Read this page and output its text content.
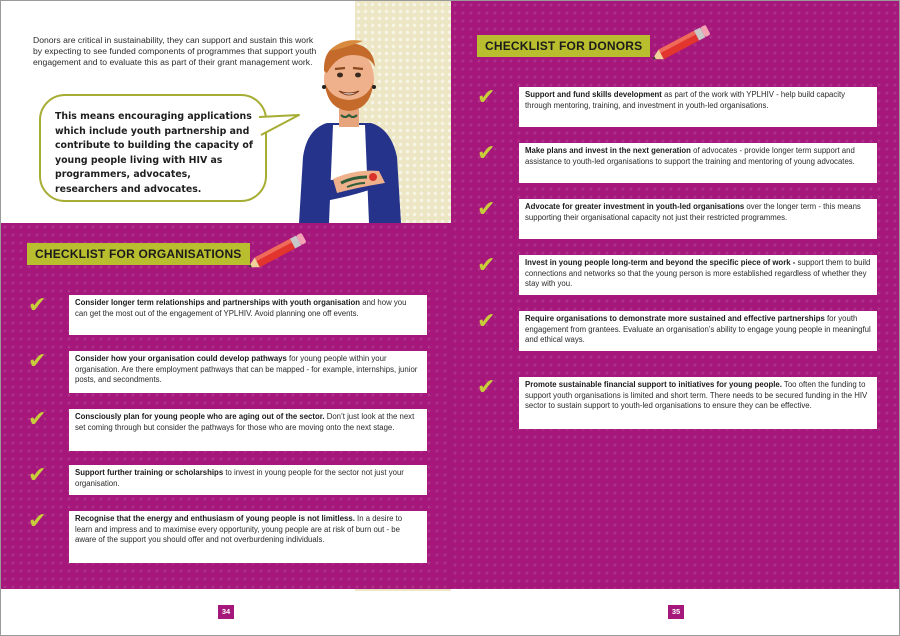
Donors are critical in sustainability, they can support and sustain this work by expecting to see funded components of programmes that support youth engagement and to evaluate this as part of their grant management work.
This means encouraging applications which include youth partnership and contribute to building the capacity of young people living with HIV as programmers, advocates, researchers and advocates.
CHECKLIST FOR ORGANISATIONS
✔	Consider longer term relationships and partnerships with youth organisation and how you can get the most out of the engagement of YPLHIV. Avoid planning one off events.
✔	Consider how your organisation could develop pathways for young people within your organisation. Are there employment pathways that can be mapped - for example, internships, junior posts, and secondments.
✔	Consciously plan for young people who are aging out of the sector. Don’t just look at the next set coming through but consider the pathways for those who are moving onto the next stage.
✔	Support further training or scholarships to invest in young people for the sector not just your organisation.
✔	Recognise that the energy and enthusiasm of young people is not limitless. In a desire to learn and impress and to maximise every opportunity, young people are at risk of burn out - be aware of the support you should offer and not overburdening individuals.
CHECKLIST FOR DONORS
✔	Support and fund skills development as part of the work with YPLHIV - help build capacity through mentoring, training, and investment in youth-led organisations.
✔	Make plans and invest in the next generation of advocates - provide longer term support and assistance to youth-led organisations to support the training and mentoring of young advocates.
✔	Advocate for greater investment in youth-led organisations over the longer term - this means supporting their organisational capacity not just their restricted programmes.
✔	Invest in young people long-term and beyond the specific piece of work - support them to build connections and networks so that the young person is more established regardless of whether they stay with you.
✔	Require organisations to demonstrate more sustained and effective partnerships for youth engagement from grantees. Evaluate an organisation’s ability to engage young people in meaningful and ethical ways.
✔	Promote sustainable financial support to initiatives for young people. Too often the funding to support youth organisations is limited and short term. There needs to be secured funding in the HIV sector to sustain support to youth-led organisations to ensure they can be effective.
34	35
